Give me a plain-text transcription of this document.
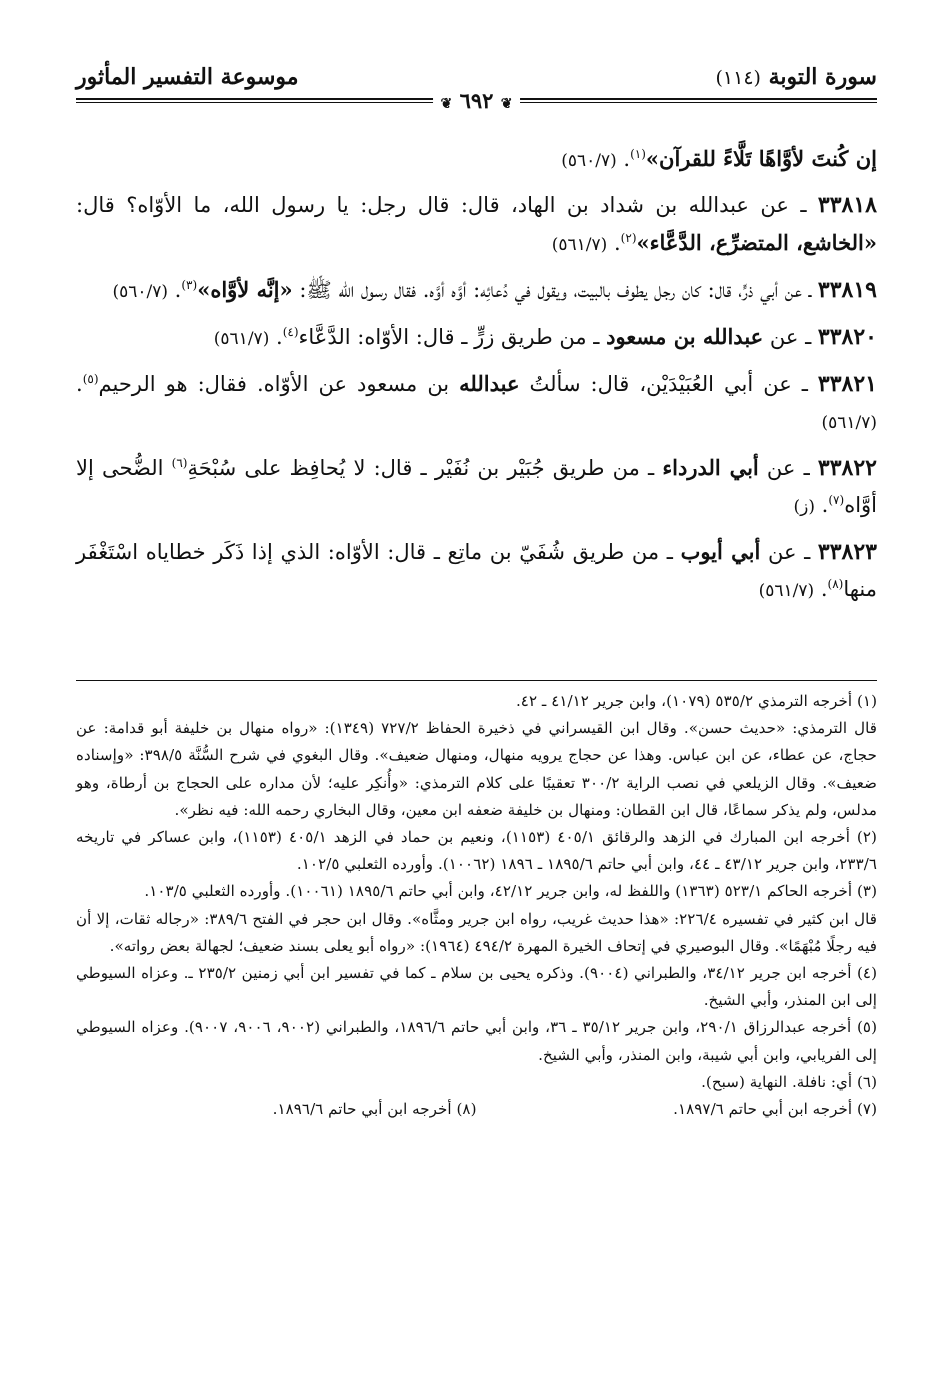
سورة التوبة (١١٤)
موسوعة التفسير المأثور
❦ ٦٩٢ ❦

إن كُنتَ لأوَّاهًا تَلَّاءً للقرآن»$^{(١)}$. (٥٦٠/٧)

٣٣٨١٨ ـ عن عبدالله بن شداد بن الهاد، قال: قال رجل: يا رسول الله، ما الأوّاه؟ قال: «الخاشع، المتضرِّع، الدَّعَّاء»$^{(٢)}$. (٥٦١/٧)

٣٣٨١٩ ـ عن أبي ذرٍّ، قال: كان رجل يطوف بالبيت، ويقول في دُعائِه: أوَّه أوَّه. فقال رسول الله ﷺ: «إنَّه لأوَّاه»$^{(٣)}$. (٥٦٠/٧)

٣٣٨٢٠ ـ عن عبدالله بن مسعود ـ من طريق زرٍّ ـ قال: الأوّاه: الدَّعَّاء$^{(٤)}$. (٥٦١/٧)

٣٣٨٢١ ـ عن أبي العُبَيْدَيْن، قال: سألتُ عبدالله بن مسعود عن الأوّاه. فقال: هو الرحيم$^{(٥)}$. (٥٦١/٧)

٣٣٨٢٢ ـ عن أبي الدرداء ـ من طريق جُبَيْر بن نُفَيْر ـ قال: لا يُحافِظ على سُبْحَةِ$^{(٦)}$ الضُّحى إلا أوَّاه$^{(٧)}$. (ز)

٣٣٨٢٣ ـ عن أبي أيوب ـ من طريق شُفَيّ بن ماتِع ـ قال: الأوّاه: الذي إذا ذَكَر خطاياه اسْتَغْفَر منها$^{(٨)}$. (٥٦١/٧)

(١) أخرجه الترمذي ٥٣٥/٢ (١٠٧٩)، وابن جرير ٤١/١٢ ـ ٤٢.

قال الترمذي: «حديث حسن». وقال ابن القيسراني في ذخيرة الحفاظ ٧٢٧/٢ (١٣٤٩): «رواه منهال بن خليفة أبو قدامة: عن حجاج، عن عطاء، عن ابن عباس. وهذا عن حجاج يرويه منهال، ومنهال ضعيف». وقال البغوي في شرح السُّنَّة ٣٩٨/٥: «وإسناده ضعيف». وقال الزيلعي في نصب الراية ٣٠٠/٢ تعقيبًا على كلام الترمذي: «وأُنكِر عليه؛ لأن مداره على الحجاج بن أرطاة، وهو مدلس، ولم يذكر سماعًا، قال ابن القطان: ومنهال بن خليفة ضعفه ابن معين، وقال البخاري رحمه الله: فيه نظر».

(٢) أخرجه ابن المبارك في الزهد والرقائق ٤٠٥/١ (١١٥٣)، ونعيم بن حماد في الزهد ٤٠٥/١ (١١٥٣)، وابن عساكر في تاريخه ٢٣٣/٦، وابن جرير ٤٣/١٢ ـ ٤٤، وابن أبي حاتم ١٨٩٥/٦ ـ ١٨٩٦ (١٠٠٦٢). وأورده الثعلبي ١٠٢/٥.

(٣) أخرجه الحاكم ٥٢٣/١ (١٣٦٣) واللفظ له، وابن جرير ٤٢/١٢، وابن أبي حاتم ١٨٩٥/٦ (١٠٠٦١). وأورده الثعلبي ١٠٣/٥.

قال ابن كثير في تفسيره ٢٢٦/٤: «هذا حديث غريب، رواه ابن جرير ومثَّاه». وقال ابن حجر في الفتح ٣٨٩/٦: «رجاله ثقات، إلا أن فيه رجلًا مُبْهَمًا». وقال البوصيري في إتحاف الخيرة المهرة ٤٩٤/٢ (١٩٦٤): «رواه أبو يعلى بسند ضعيف؛ لجهالة بعض رواته».

(٤) أخرجه ابن جرير ٣٤/١٢، والطبراني (٩٠٠٤). وذكره يحيى بن سلام ـ كما في تفسير ابن أبي زمنين ٢٣٥/٢ ـ. وعزاه السيوطي إلى ابن المنذر، وأبي الشيخ.

(٥) أخرجه عبدالرزاق ٢٩٠/١، وابن جرير ٣٥/١٢ ـ ٣٦، وابن أبي حاتم ١٨٩٦/٦، والطبراني (٩٠٠٢، ٩٠٠٦، ٩٠٠٧). وعزاه السيوطي إلى الفريابي، وابن أبي شيبة، وابن المنذر، وأبي الشيخ.

(٦) أي: نافلة. النهاية (سبح).

(٧) أخرجه ابن أبي حاتم ١٨٩٧/٦.
(٨) أخرجه ابن أبي حاتم ١٨٩٦/٦.
